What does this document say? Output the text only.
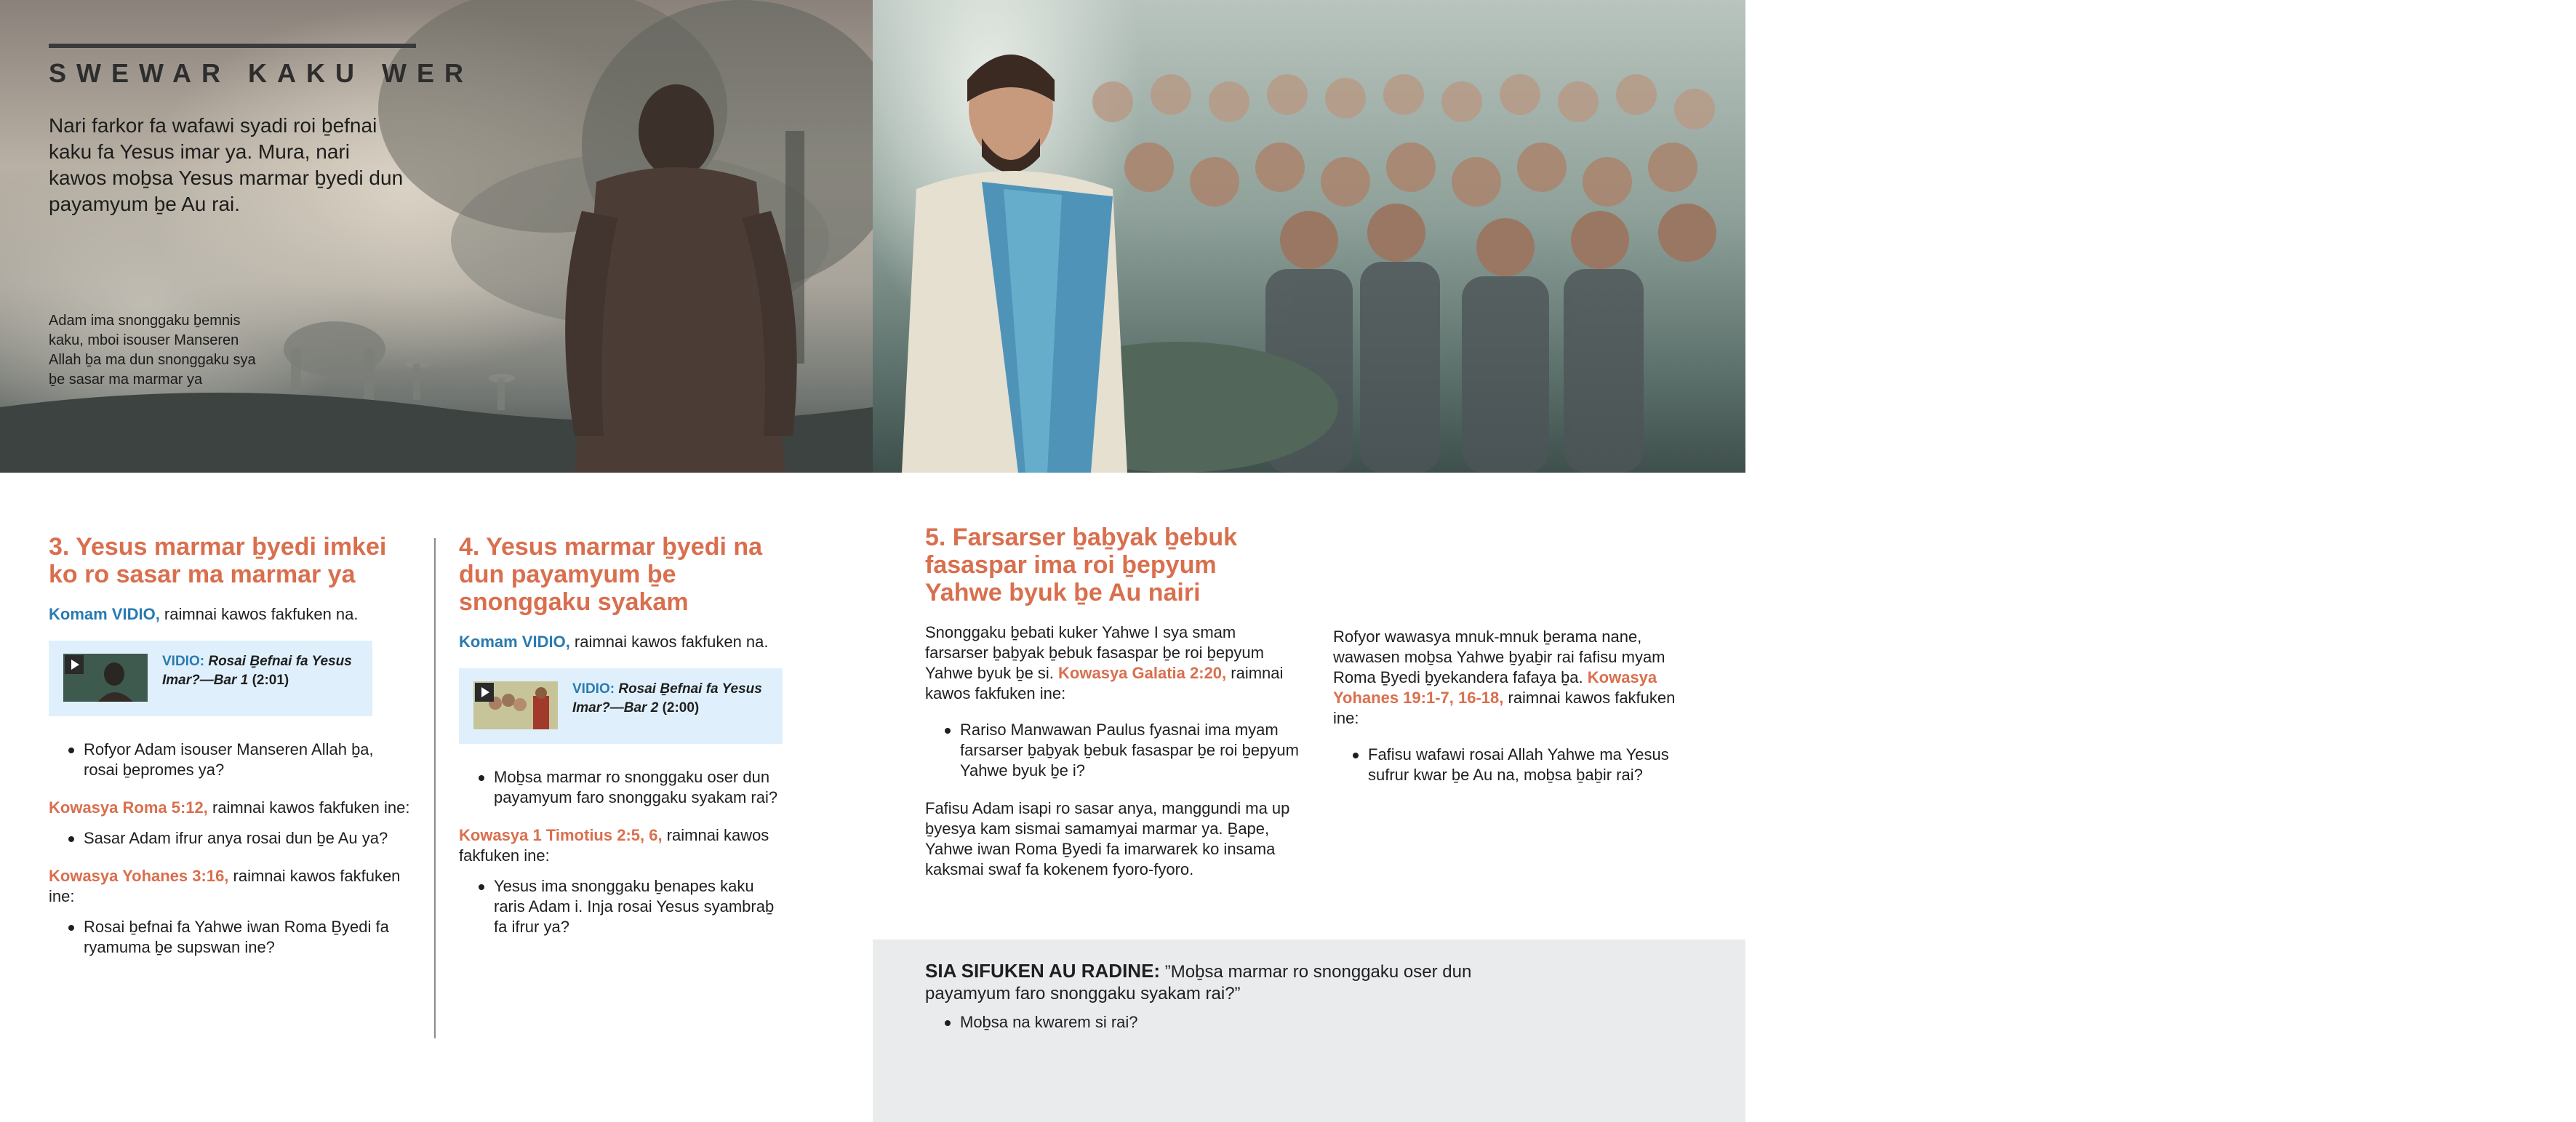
SWEWAR KAKU WER
Nari farkor fa wafawi syadi roi ḇefnai kaku fa Yesus imar ya. Mura, nari kawos moḇsa Yesus marmar ḇyedi dun payamyum ḇe Au rai.
Adam ima snonggaku ḇemnis kaku, mboi isouser Manseren Allah ḇa ma dun snonggaku sya ḇe sasar ma marmar ya
Yesus ima snonggaku ḇemnis kaku ma isouser Manseren Allah ma dun snonggaku sya ḇe payamyum ma kankenem fyoro ya
3. Yesus marmar ḇyedi imkei ko ro sasar ma marmar ya

Komam VIDIO, raimnai kawos fakfuken na.

VIDIO: Rosai Ḇefnai fa Yesus Imar?—Bar 1 (2:01)
Rofyor Adam isouser Manseren Allah ḇa, rosai ḇepromes ya?

Kowasya Roma 5:12, raimnai kawos fakfuken ine:

Sasar Adam ifrur anya rosai dun ḇe Au ya?

Kowasya Yohanes 3:16, raimnai kawos fakfuken ine:

Rosai ḇefnai fa Yahwe iwan Roma Ḇyedi fa ryamuma ḇe supswan ine?
4. Yesus marmar ḇyedi na dun payamyum ḇe snonggaku syakam

Komam VIDIO, raimnai kawos fakfuken na.

VIDIO: Rosai Ḇefnai fa Yesus Imar?—Bar 2 (2:00)
Moḇsa marmar ro snonggaku oser dun payamyum faro snonggaku syakam rai?

Kowasya 1 Timotius 2:5, 6, raimnai kawos fakfuken ine:

Yesus ima snonggaku ḇenapes kaku raris Adam i. Inja rosai Yesus syambraḇ fa ifrur ya?
5. Farsarser ḇaḇyak ḇebuk fasaspar ima roi ḇepyum Yahwe byuk ḇe Au nairi

Snonggaku ḇebati kuker Yahwe I sya smam farsarser ḇaḇyak ḇebuk fasaspar ḇe roi ḇepyum Yahwe byuk ḇe si. Kowasya Galatia 2:20, raimnai kawos fakfuken ine:

Rariso Manwawan Paulus fyasnai ima myam farsarser ḇaḇyak ḇebuk fasaspar ḇe roi ḇepyum Yahwe byuk ḇe i?

Fafisu Adam isapi ro sasar anya, manggundi ma up ḇyesya kam sismai samamyai marmar ya. Ḇape, Yahwe iwan Roma Ḇyedi fa imarwarek ko insama kaksmai swaf fa kokenem fyoro-fyoro.

Rofyor wawasya mnuk-mnuk ḇerama nane, wawasen moḇsa Yahwe ḇyaḇir rai fafisu myam Roma Ḇyedi ḇyekandera fafaya ḇa. Kowasya Yohanes 19:1-7, 16-18, raimnai kawos fakfuken ine:

Fafisu wafawi rosai Allah Yahwe ma Yesus sufrur kwar ḇe Au na, moḇsa ḇaḇir rai?

SIA SIFUKEN AU RADINE: ”Moḇsa marmar ro snonggaku oser dun payamyum faro snonggaku syakam rai?”

Moḇsa na kwarem si rai?
